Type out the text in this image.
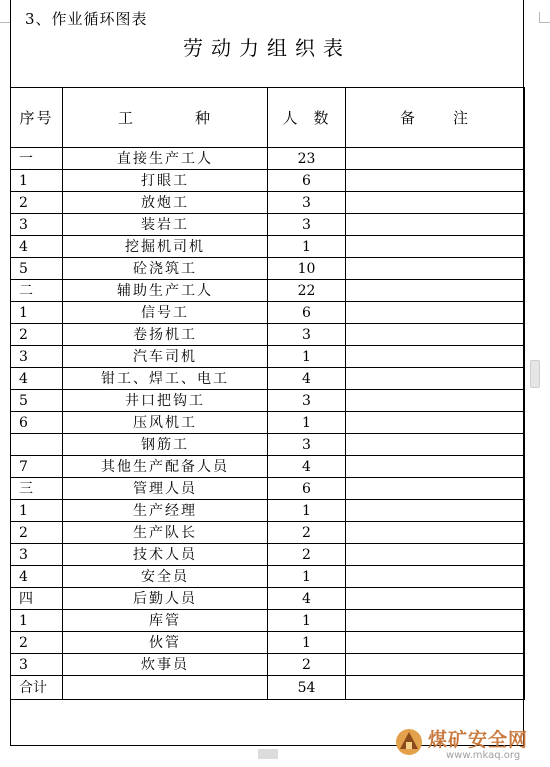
3、作业循环图表
劳动力组织表
序号	工 种	人 数	备 注
一	直接生产工人	23	
1	打眼工	6	
2	放炮工	3	
3	装岩工	3	
4	挖掘机司机	1	
5	砼浇筑工	10	
二	辅助生产工人	22	
1	信号工	6	
2	卷扬机工	3	
3	汽车司机	1	
4	钳工、焊工、电工	4	
5	井口把钩工	3	
6	压风机工	1	
	钢筋工	3	
7	其他生产配备人员	4	
三	管理人员	6	
1	生产经理	1	
2	生产队长	2	
3	技术人员	2	
4	安全员	1	
四	后勤人员	4	
1	库管	1	
2	伙管	1	
3	炊事员	2	
合计		54	
煤矿安全网
www.mkaq.org
